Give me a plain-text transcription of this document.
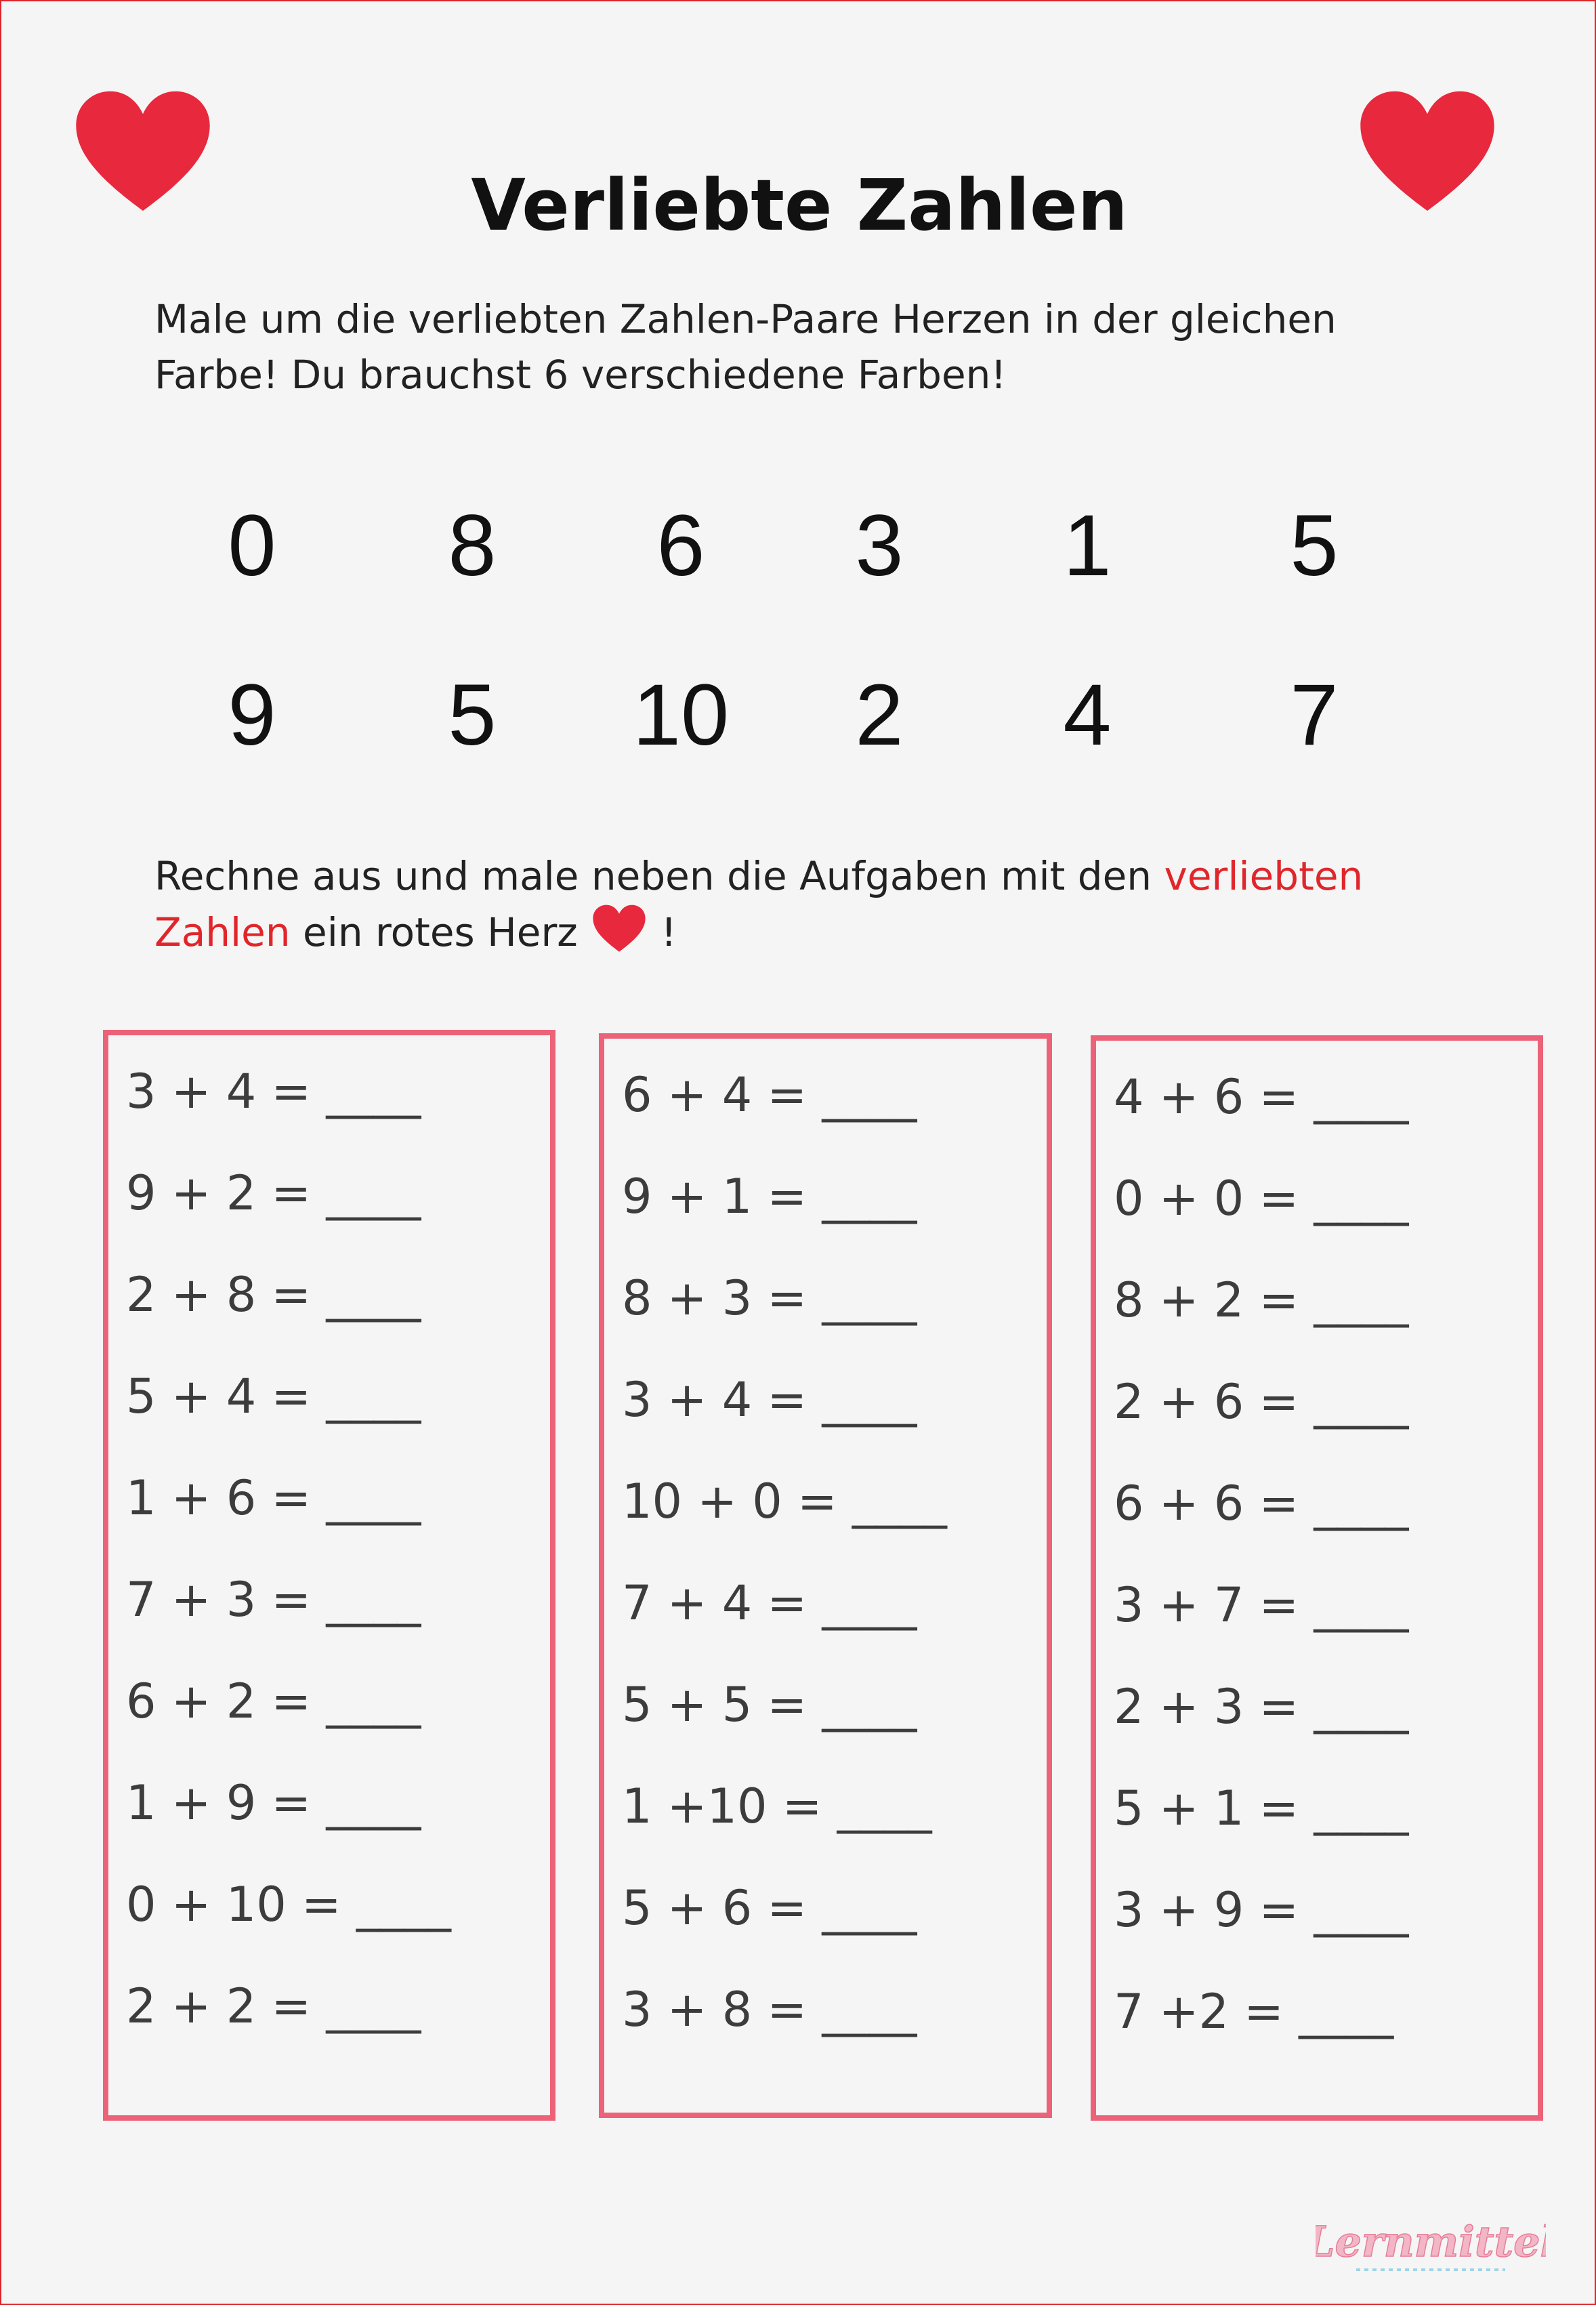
Verliebte Zahlen
Male um die verliebten Zahlen-Paare Herzen in der gleichen Farbe! Du brauchst 6 verschiedene Farben!
0	8	6	3	1	5
9	5	10	2	4	7
Rechne aus und male neben die Aufgaben mit den verliebten Zahlen ein rotes Herz
!
3 + 4 = ____
9 + 2 = ____
2 + 8 = ____
5 + 4 = ____
1 + 6 = ____
7 + 3 = ____
6 + 2 = ____
1 + 9 = ____
0 + 10 = ____
2 + 2 = ____
6 + 4 = ____
9 + 1 = ____
8 + 3 = ____
3 + 4 = ____
10 + 0 = ____
7 + 4 = ____
5 + 5 = ____
1 +10 = ____
5 + 6 = ____
3 + 8 = ____
4 + 6 = ____
0 + 0 = ____
8 + 2 = ____
2 + 6 = ____
6 + 6 = ____
3 + 7 = ____
2 + 3 = ____
5 + 1 = ____
3 + 9 = ____
7 +2 = ____
Lernmittel
